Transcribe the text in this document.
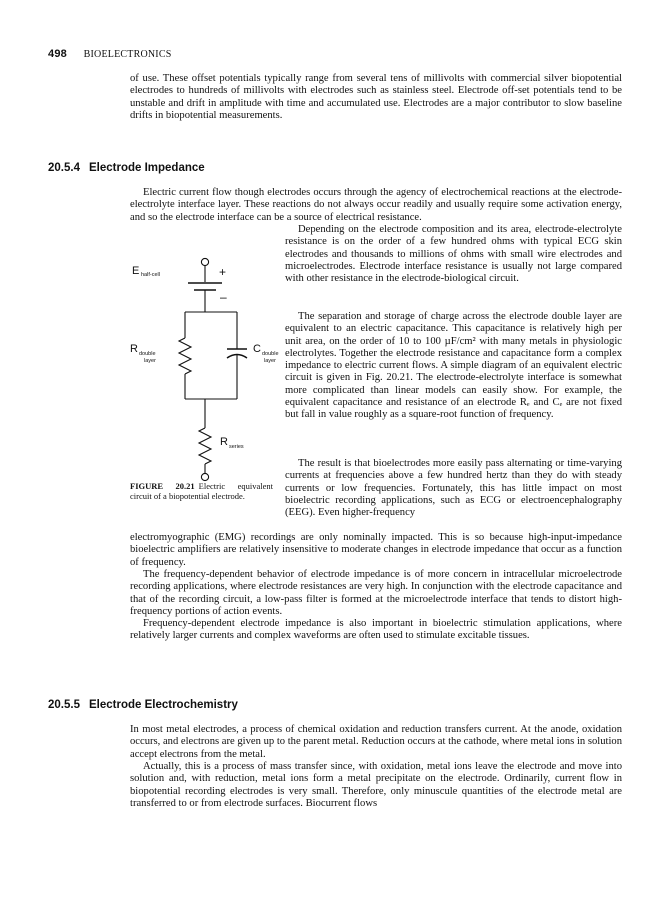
498 BIOELECTRONICS

of use. These offset potentials typically range from several tens of millivolts with commercial silver biopotential electrodes to hundreds of millivolts with electrodes such as stainless steel. Electrode off-set potentials tend to be unstable and drift in amplitude with time and accumulated use. Electrodes are a major contributor to slow baseline drifts in biopotential measurements.

20.5.4 Electrode Impedance

Electric current flow though electrodes occurs through the agency of electrochemical reactions at the electrode-electrolyte interface layer. These reactions do not always occur readily and usually require some activation energy, and so the electrode interface can be a source of electrical resistance.

Depending on the electrode composition and its area, electrode-electrolyte resistance is on the order of a few hundred ohms with typical ECG skin electrodes and thousands to millions of ohms with small wire electrodes and microelectrodes. Electrode interface resistance is usually not large compared with other resistance in the electrode-biological circuit.

The separation and storage of charge across the electrode double layer are equivalent to an electric capacitance. This capacitance is relatively high per unit area, on the order of 10 to 100 µF/cm² with many metals in physiologic electrolytes. Together the electrode resistance and capacitance form a complex impedance to electric current flows. A simple diagram of an equivalent electric circuit is given in Fig. 20.21. The electrode-electrolyte interface is somewhat more complicated than linear models can easily show. For example, the equivalent capacitance and resistance of an electrode Rₑ and Cₑ are not fixed but fall in value roughly as a square-root function of frequency.

The result is that bioelectrodes more easily pass alternating or time-varying currents at frequencies above a few hundred hertz than they do with steady currents or low frequencies. Fortunately, this has little impact on most bioelectric recording applications, such as ECG or electroencephalography (EEG). Even higher-frequency

electromyographic (EMG) recordings are only nominally impacted. This is so because high-input-impedance bioelectric amplifiers are relatively insensitive to moderate changes in electrode impedance that occur as a function of frequency.

The frequency-dependent behavior of electrode impedance is of more concern in intracellular microelectrode recording applications, where electrode resistances are very high. In conjunction with the electrode capacitance and that of the recording circuit, a low-pass filter is formed at the microelectrode interface that tends to distort high-frequency portions of action events.

Frequency-dependent electrode impedance is also important in bioelectric stimulation applications, where relatively larger currents and complex waveforms are often used to stimulate excitable tissues.

E half-cell	+
–
R double
layer
C double
layer
R series
FIGURE 20.21 Electric equivalent circuit of a biopotential electrode.
20.5.5 Electrode Electrochemistry

In most metal electrodes, a process of chemical oxidation and reduction transfers current. At the anode, oxidation occurs, and electrons are given up to the parent metal. Reduction occurs at the cathode, where metal ions in solution accept electrons from the metal.

Actually, this is a process of mass transfer since, with oxidation, metal ions leave the electrode and move into solution and, with reduction, metal ions form a metal precipitate on the electrode. Ordinarily, current flow in biopotential recording electrodes is very small. Therefore, only minuscule quantities of the electrode metal are transferred to or from electrode surfaces. Biocurrent flows
